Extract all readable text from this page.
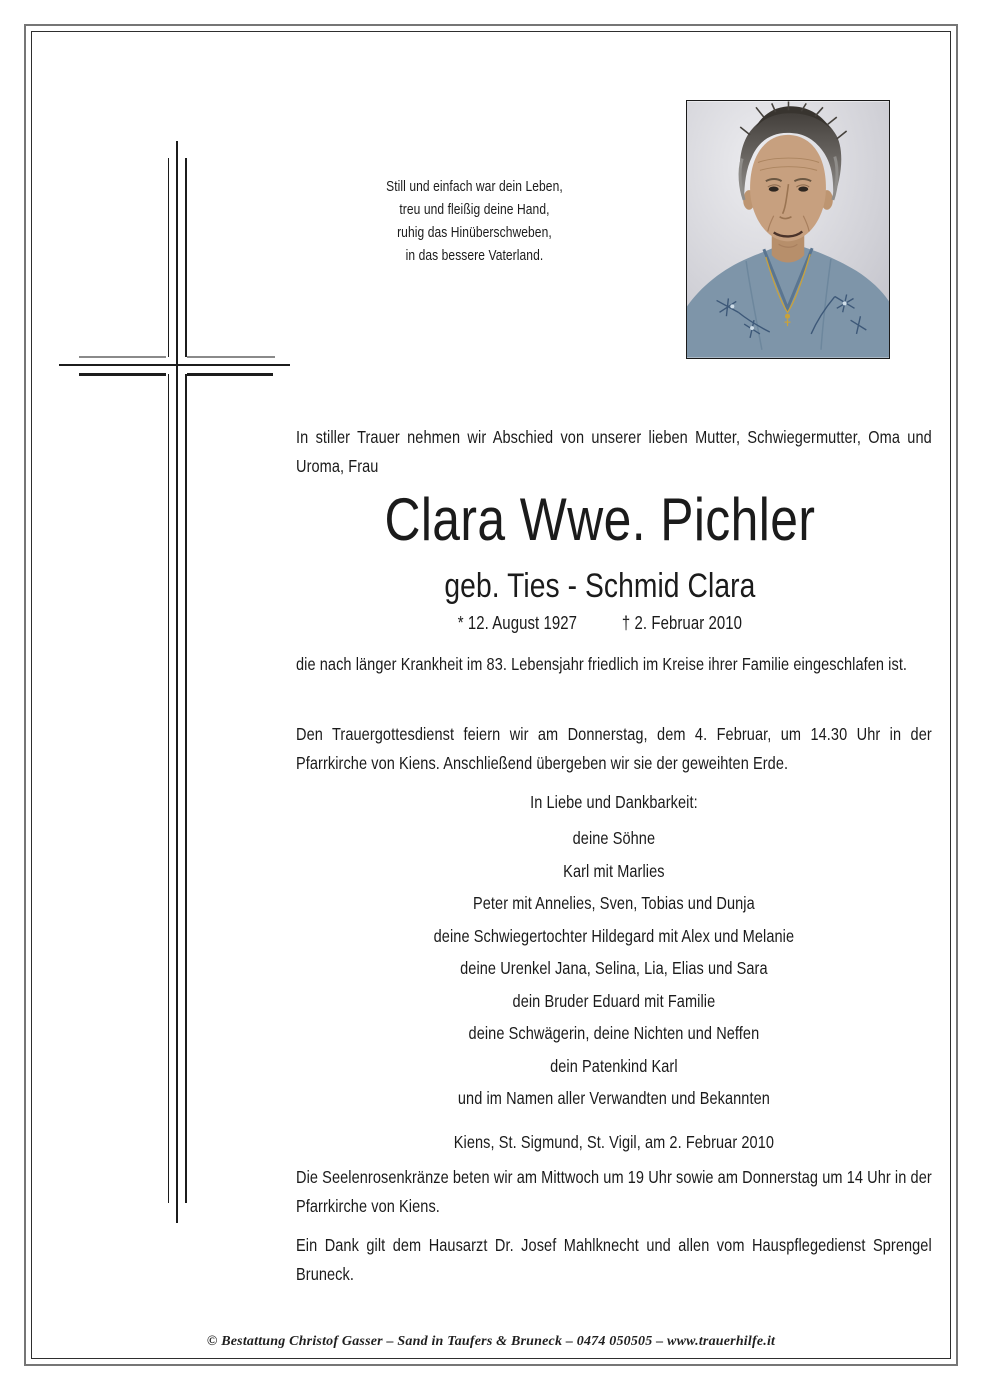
Still und einfach war dein Leben,
treu und fleißig deine Hand,
ruhig das Hinüberschweben,
in das bessere Vaterland.
In stiller Trauer nehmen wir Abschied von unserer lieben Mutter, Schwiegermutter, Oma und Uroma, Frau
Clara Wwe. Pichler
geb. Ties - Schmid Clara
* 12. August 1927 † 2. Februar 2010
die nach länger Krankheit im 83. Lebensjahr friedlich im Kreise ihrer Familie eingeschlafen ist.
Den Trauergottesdienst feiern wir am Donnerstag, dem 4. Februar, um 14.30 Uhr in der Pfarrkirche von Kiens. Anschließend übergeben wir sie der geweihten Erde.
In Liebe und Dankbarkeit:
deine Söhne
Karl mit Marlies
Peter mit Annelies, Sven, Tobias und Dunja
deine Schwiegertochter Hildegard mit Alex und Melanie
deine Urenkel Jana, Selina, Lia, Elias und Sara
dein Bruder Eduard mit Familie
deine Schwägerin, deine Nichten und Neffen
dein Patenkind Karl
und im Namen aller Verwandten und Bekannten
Kiens, St. Sigmund, St. Vigil, am 2. Februar 2010
Die Seelenrosenkränze beten wir am Mittwoch um 19 Uhr sowie am Donnerstag um 14 Uhr in der Pfarrkirche von Kiens.
Ein Dank gilt dem Hausarzt Dr. Josef Mahlknecht und allen vom Hauspflegedienst Sprengel Bruneck.
© Bestattung Christof Gasser – Sand in Taufers & Bruneck – 0474 050505 – www.trauerhilfe.it
